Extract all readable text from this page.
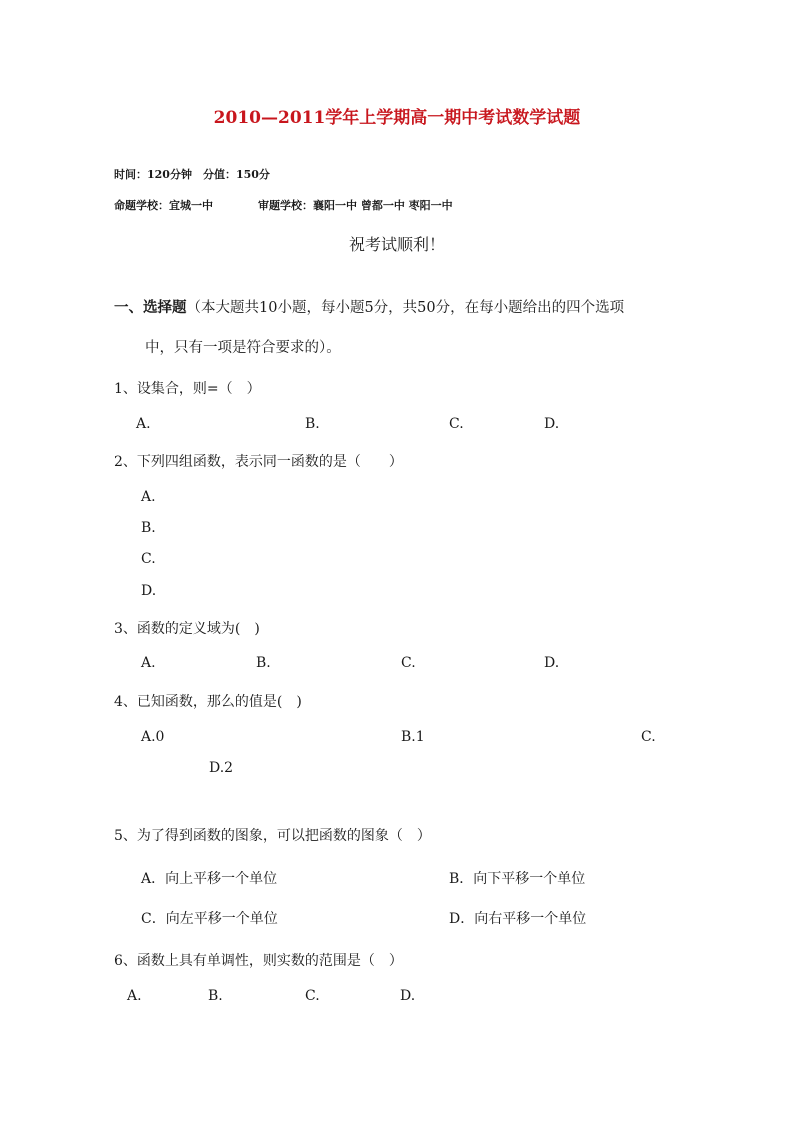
2010—2011学年上学期高一期中考试数学试题
时间：120分钟　分值：150分
命题学校：宜城一中	审题学校：襄阳一中 曾都一中 枣阳一中
祝考试顺利！
一、选择题（本大题共10小题，每小题5分，共50分，在每小题给出的四个选项
中，只有一项是符合要求的）。
1、设集合，则=（　）
A.	B.	C.	D.
2、下列四组函数，表示同一函数的是（　　）
A.
B.
C.
D.
3、函数的定义域为(　)
A.	B.	C.	D.
4、已知函数，那么的值是(　)
A.0	B.1	C.
D.2
5、为了得到函数的图象，可以把函数的图象（　）
A．向上平移一个单位	B．向下平移一个单位
C．向左平移一个单位	D．向右平移一个单位
6、函数上具有单调性，则实数的范围是（　）
A.	B.	C.	D.
